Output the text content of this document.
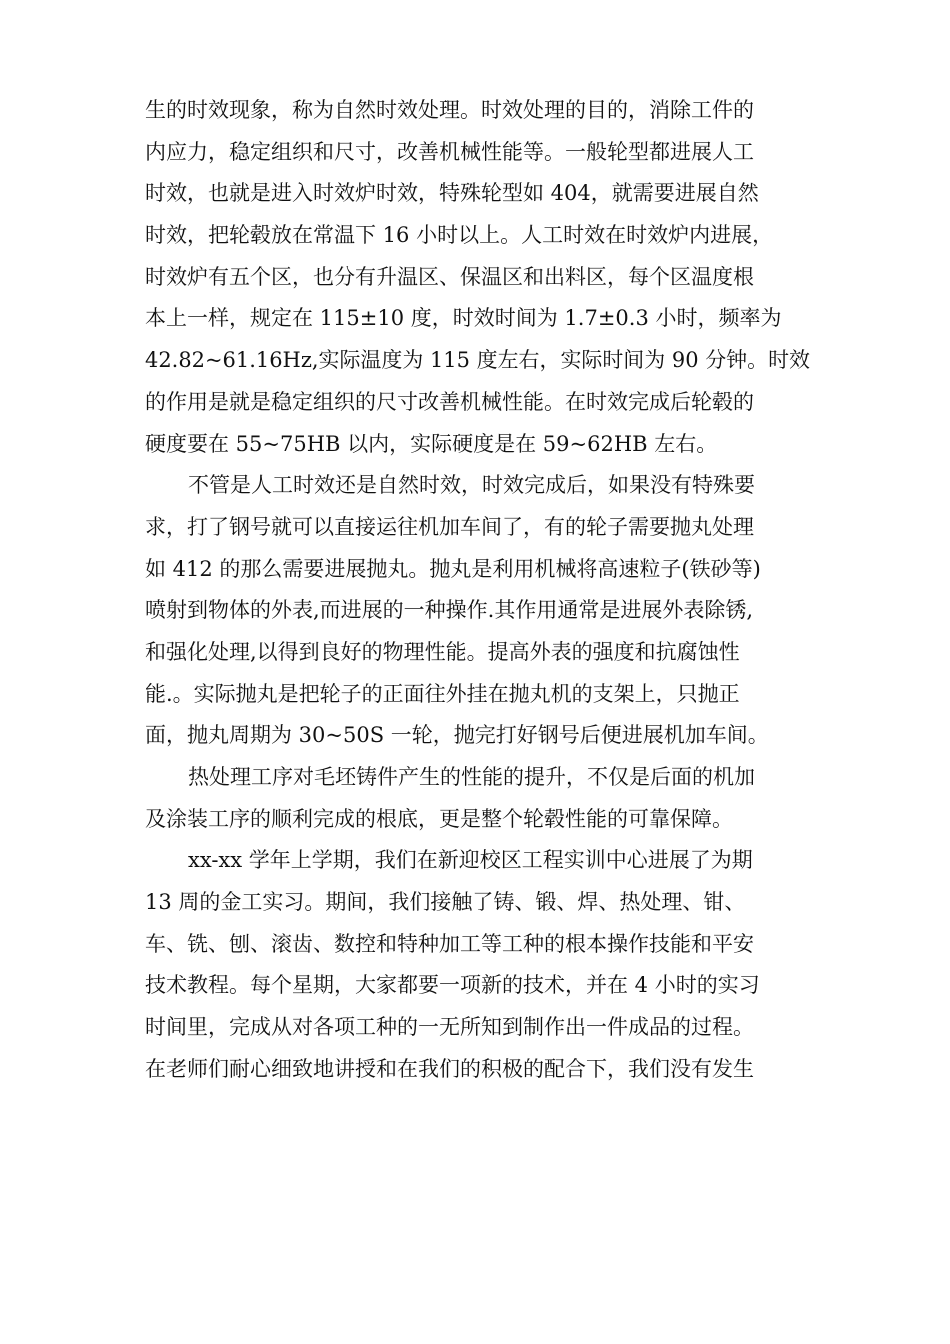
生的时效现象，称为自然时效处理。时效处理的目的，消除工件的
内应力，稳定组织和尺寸，改善机械性能等。一般轮型都进展人工
时效，也就是进入时效炉时效，特殊轮型如 404，就需要进展自然
时效，把轮毂放在常温下 16 小时以上。人工时效在时效炉内进展，
时效炉有五个区，也分有升温区、保温区和出料区，每个区温度根
本上一样，规定在 115±10 度，时效时间为 1.7±0.3 小时，频率为
42.82~61.16Hz,实际温度为 115 度左右，实际时间为 90 分钟。时效
的作用是就是稳定组织的尺寸改善机械性能。在时效完成后轮毂的
硬度要在 55~75HB 以内，实际硬度是在 59~62HB 左右。
不管是人工时效还是自然时效，时效完成后，如果没有特殊要
求，打了钢号就可以直接运往机加车间了，有的轮子需要抛丸处理
如 412 的那么需要进展抛丸。抛丸是利用机械将高速粒子(铁砂等)
喷射到物体的外表,而进展的一种操作.其作用通常是进展外表除锈,
和强化处理,以得到良好的物理性能。提高外表的强度和抗腐蚀性
能.。实际抛丸是把轮子的正面往外挂在抛丸机的支架上，只抛正
面，抛丸周期为 30~50S 一轮，抛完打好钢号后便进展机加车间。
热处理工序对毛坯铸件产生的性能的提升，不仅是后面的机加
及涂装工序的顺利完成的根底，更是整个轮毂性能的可靠保障。
xx-xx 学年上学期，我们在新迎校区工程实训中心进展了为期
13 周的金工实习。期间，我们接触了铸、锻、焊、热处理、钳、
车、铣、刨、滚齿、数控和特种加工等工种的根本操作技能和平安
技术教程。每个星期，大家都要一项新的技术，并在 4 小时的实习
时间里，完成从对各项工种的一无所知到制作出一件成品的过程。
在老师们耐心细致地讲授和在我们的积极的配合下，我们没有发生
